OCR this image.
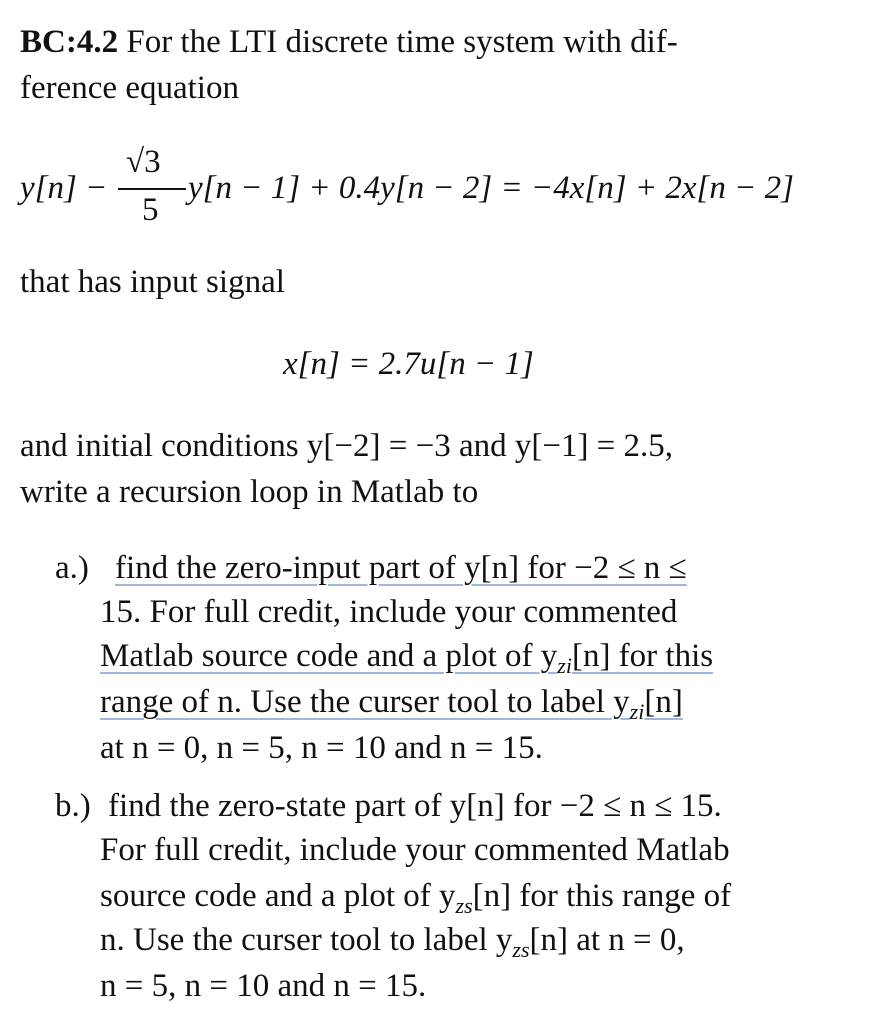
BC:4.2 For the LTI discrete time system with dif-
ference equation
y[n] −
√3
5
y[n − 1] + 0.4y[n − 2] = −4x[n] + 2x[n − 2]
that has input signal
x[n] = 2.7u[n − 1]
and initial conditions y[−2] = −3 and y[−1] = 2.5,
write a recursion loop in Matlab to
a.) find the zero-input part of y[n] for −2 ≤ n ≤
15. For full credit, include your commented
Matlab source code and a plot of $y_{zi}[n]$ for this
range of n. Use the curser tool to label $y_{zi}[n]$
at n = 0, n = 5, n = 10 and n = 15.
b.) find the zero-state part of y[n] for −2 ≤ n ≤ 15.
For full credit, include your commented Matlab
source code and a plot of $y_{zs}[n]$ for this range of
n. Use the curser tool to label $y_{zs}[n]$ at n = 0,
n = 5, n = 10 and n = 15.
